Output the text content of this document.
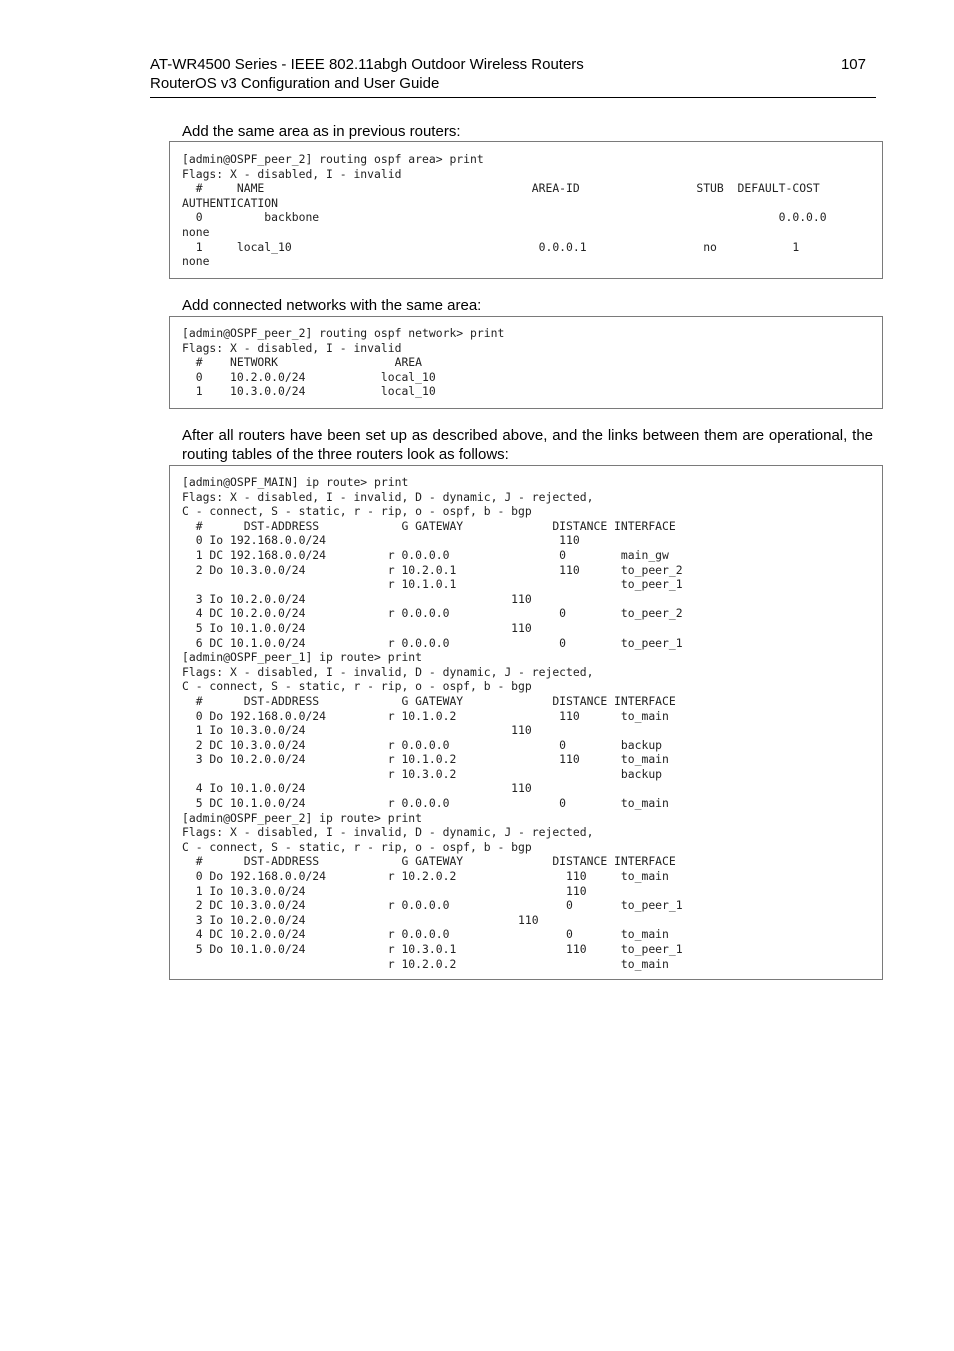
AT-WR4500 Series - IEEE 802.11abgh Outdoor Wireless Routers
RouterOS v3 Configuration and User Guide
107
Add the same area as in previous routers:
[admin@OSPF_peer_2] routing ospf area> print
Flags: X - disabled, I - invalid
#     NAME                                       AREA-ID                 STUB  DEFAULT-COST
AUTHENTICATION
0         backbone                                                                   0.0.0.0
none
1     local_10                                    0.0.0.1                 no           1
none
Add connected networks with the same area:
[admin@OSPF_peer_2] routing ospf network> print
Flags: X - disabled, I - invalid
#    NETWORK                 AREA
0    10.2.0.0/24           local_10
1    10.3.0.0/24           local_10
After all routers have been set up as described above, and the links between them are operational, the routing tables of the three routers look as follows:
[admin@OSPF_MAIN] ip route> print
Flags: X - disabled, I - invalid, D - dynamic, J - rejected,
C - connect, S - static, r - rip, o - ospf, b - bgp
#      DST-ADDRESS            G GATEWAY             DISTANCE INTERFACE
0 Io 192.168.0.0/24                                  110
1 DC 192.168.0.0/24         r 0.0.0.0                0        main_gw
2 Do 10.3.0.0/24            r 10.2.0.1               110      to_peer_2
r 10.1.0.1                        to_peer_1
3 Io 10.2.0.0/24                              110
4 DC 10.2.0.0/24            r 0.0.0.0                0        to_peer_2
5 Io 10.1.0.0/24                              110
6 DC 10.1.0.0/24            r 0.0.0.0                0        to_peer_1
[admin@OSPF_peer_1] ip route> print
Flags: X - disabled, I - invalid, D - dynamic, J - rejected,
C - connect, S - static, r - rip, o - ospf, b - bgp
#      DST-ADDRESS            G GATEWAY             DISTANCE INTERFACE
0 Do 192.168.0.0/24         r 10.1.0.2               110      to_main
1 Io 10.3.0.0/24                              110
2 DC 10.3.0.0/24            r 0.0.0.0                0        backup
3 Do 10.2.0.0/24            r 10.1.0.2               110      to_main
r 10.3.0.2                        backup
4 Io 10.1.0.0/24                              110
5 DC 10.1.0.0/24            r 0.0.0.0                0        to_main
[admin@OSPF_peer_2] ip route> print
Flags: X - disabled, I - invalid, D - dynamic, J - rejected,
C - connect, S - static, r - rip, o - ospf, b - bgp
#      DST-ADDRESS            G GATEWAY             DISTANCE INTERFACE
0 Do 192.168.0.0/24         r 10.2.0.2                110     to_main
1 Io 10.3.0.0/24                                      110
2 DC 10.3.0.0/24            r 0.0.0.0                 0       to_peer_1
3 Io 10.2.0.0/24                               110
4 DC 10.2.0.0/24            r 0.0.0.0                 0       to_main
5 Do 10.1.0.0/24            r 10.3.0.1                110     to_peer_1
r 10.2.0.2                        to_main
